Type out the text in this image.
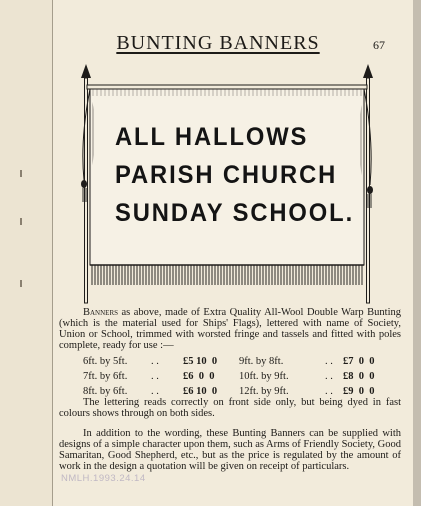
BUNTING BANNERS	67
ALL HALLOWS
PARISH CHURCH
SUNDAY SCHOOL.
Banners as above, made of Extra Quality All-Wool Double Warp Bunting (which is the material used for Ships' Flags), lettered with name of Society, Union or School, trimmed with worsted fringe and tassels and fitted with poles complete, ready for use :—
6ft. by 5ft. . . £5 10  0 9ft. by 8ft.	. . £7  0  0
7ft. by 6ft. . . £6  0  0 10ft. by 9ft.	. . £8  0  0
8ft. by 6ft. . . £6 10  0 12ft. by 9ft.	. . £9  0  0
The lettering reads correctly on front side only, but being dyed in fast colours shows through on both sides.
In addition to the wording, these Bunting Banners can be supplied with designs of a simple character upon them, such as Arms of Friendly Society, Good Samaritan, Good Shepherd, etc., but as the price is regulated by the amount of work in the design a quotation will be given on receipt of particulars.
NMLH.1993.24.14
